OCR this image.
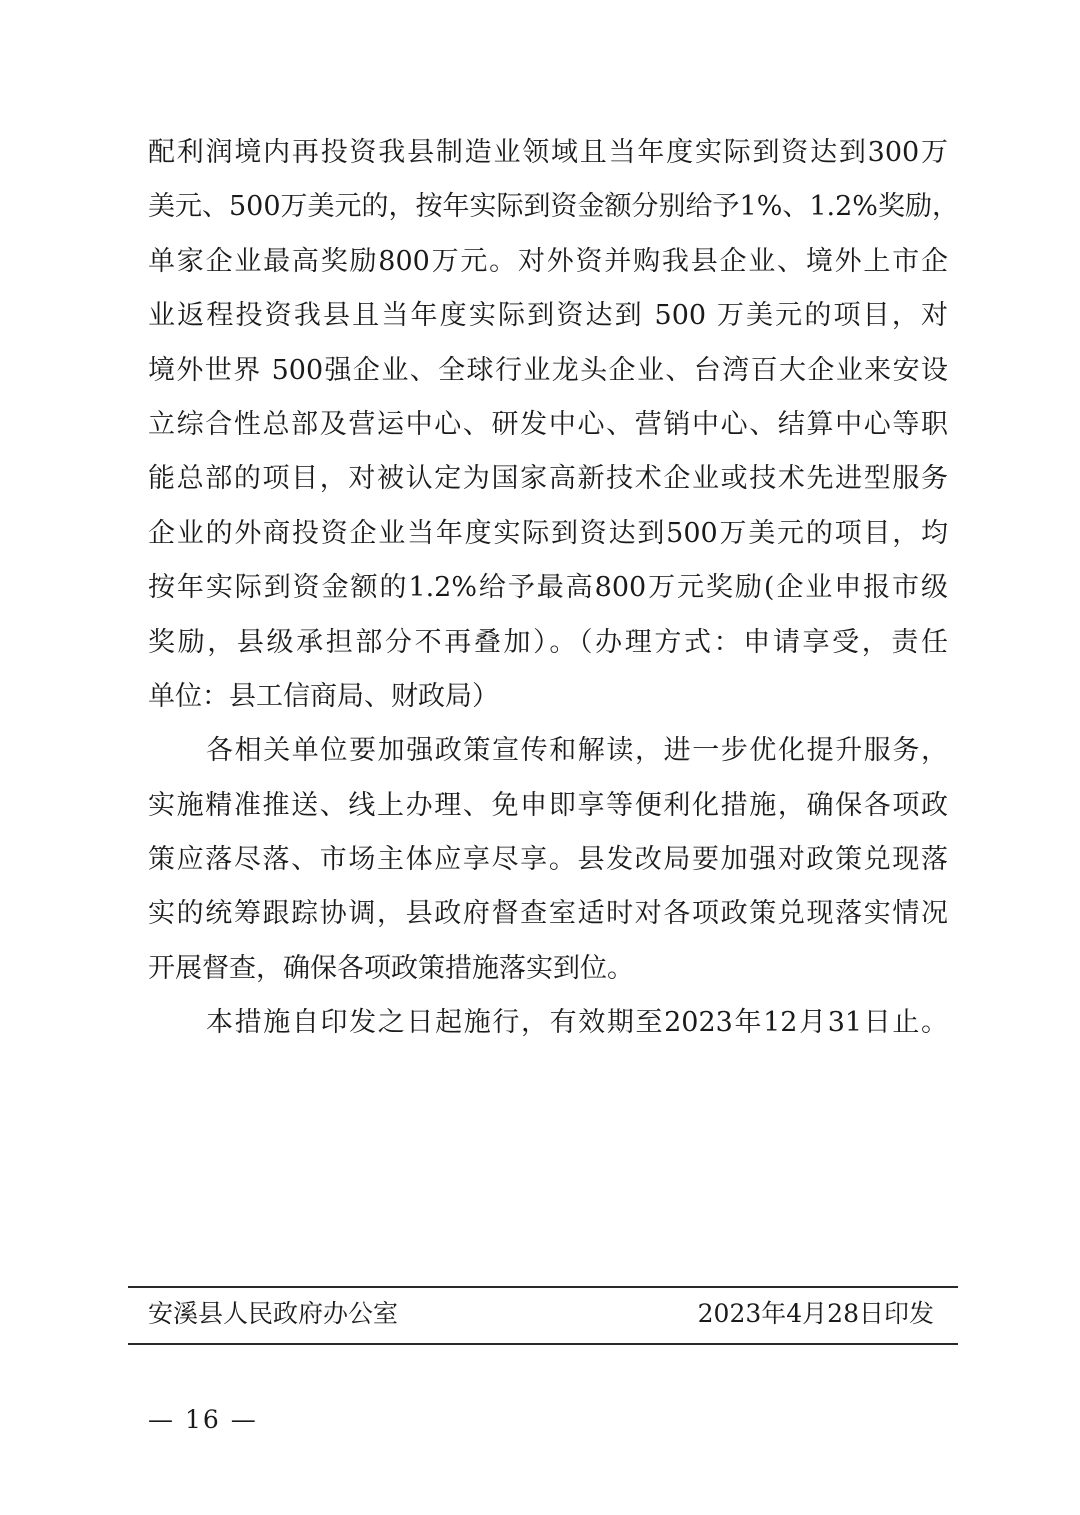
配利润境内再投资我县制造业领域且当年度实际到资达到300万
美元、500万美元的，按年实际到资金额分别给予1%、1.2%奖励，
单家企业最高奖励800万元。对外资并购我县企业、境外上市企
业返程投资我县且当年度实际到资达到 500 万美元的项目，对
境外世界 500强企业、全球行业龙头企业、台湾百大企业来安设
立综合性总部及营运中心、研发中心、营销中心、结算中心等职
能总部的项目，对被认定为国家高新技术企业或技术先进型服务
企业的外商投资企业当年度实际到资达到500万美元的项目，均
按年实际到资金额的1.2%给予最高800万元奖励(企业申报市级
奖励，县级承担部分不再叠加）。（办理方式：申请享受，责任
单位：县工信商局、财政局）
各相关单位要加强政策宣传和解读，进一步优化提升服务，
实施精准推送、线上办理、免申即享等便利化措施，确保各项政
策应落尽落、市场主体应享尽享。县发改局要加强对政策兑现落
实的统筹跟踪协调，县政府督查室适时对各项政策兑现落实情况
开展督查，确保各项政策措施落实到位。
本措施自印发之日起施行，有效期至2023年12月31日止。
安溪县人民政府办公室	2023年4月28日印发
— 16 —
